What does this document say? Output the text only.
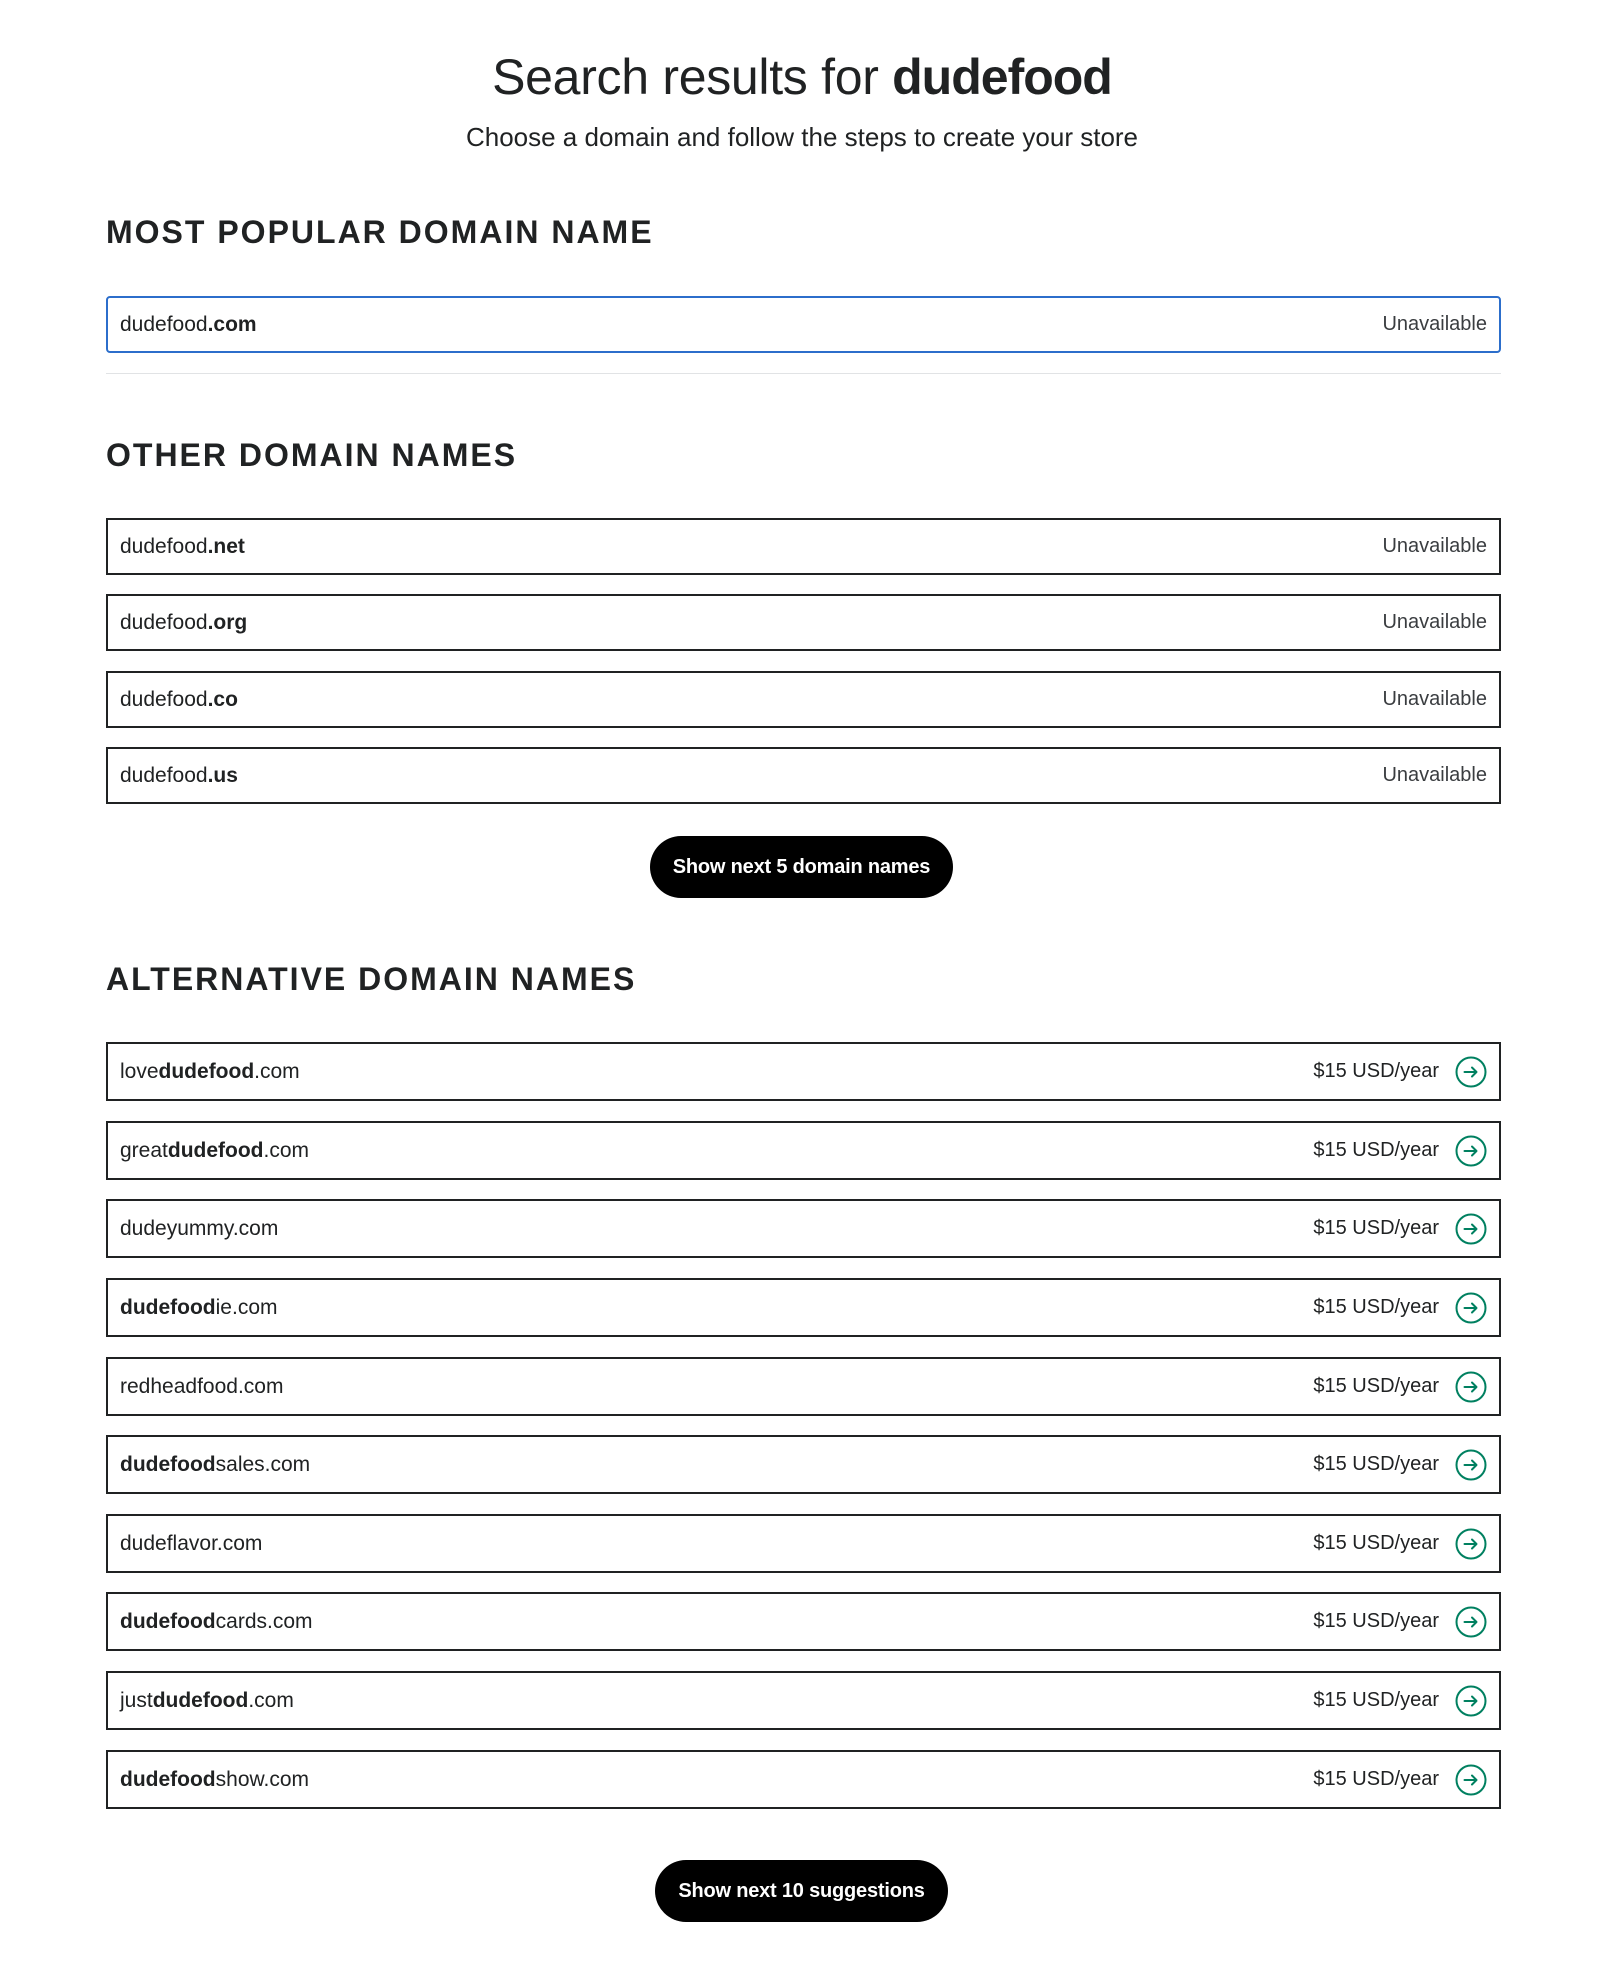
Search results for dudefood

Choose a domain and follow the steps to create your store

MOST POPULAR DOMAIN NAME
dudefood.com	Unavailable
OTHER DOMAIN NAMES
dudefood.net	Unavailable
dudefood.org	Unavailable
dudefood.co	Unavailable
dudefood.us	Unavailable
Show next 5 domain names
ALTERNATIVE DOMAIN NAMES
lovedudefood.com	$15 USD/year
greatdudefood.com	$15 USD/year
dudeyummy.com	$15 USD/year
dudefoodie.com	$15 USD/year
redheadfood.com	$15 USD/year
dudefoodsales.com	$15 USD/year
dudeflavor.com	$15 USD/year
dudefoodcards.com	$15 USD/year
justdudefood.com	$15 USD/year
dudefoodshow.com	$15 USD/year
Show next 10 suggestions
